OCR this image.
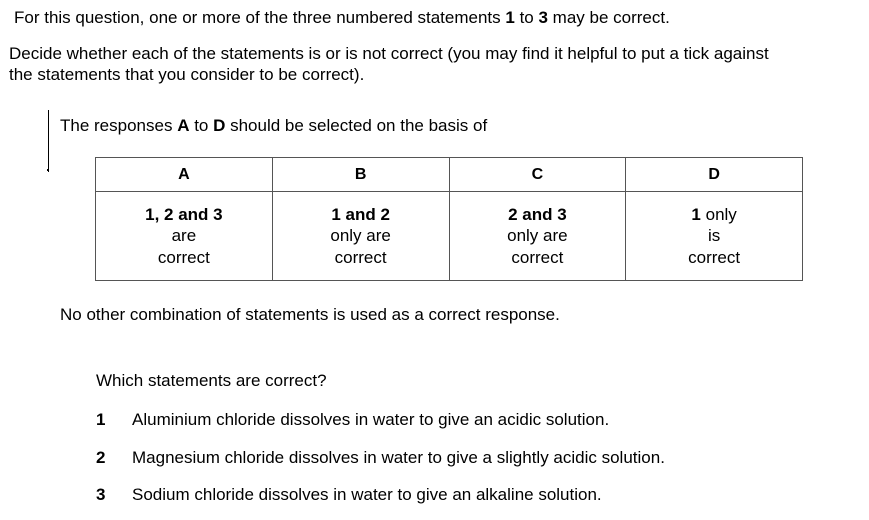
For this question, one or more of the three numbered statements 1 to 3 may be correct.
Decide whether each of the statements is or is not correct (you may find it helpful to put a tick against
the statements that you consider to be correct).
The responses A to D should be selected on the basis of
A	B	C	D

1, 2 and 3
are
correct	1 and 2
only are
correct	2 and 3
only are
correct	1 only
is
correct
No other combination of statements is used as a correct response.
Which statements are correct?
1 Aluminium chloride dissolves in water to give an acidic solution.
2 Magnesium chloride dissolves in water to give a slightly acidic solution.
3 Sodium chloride dissolves in water to give an alkaline solution.
